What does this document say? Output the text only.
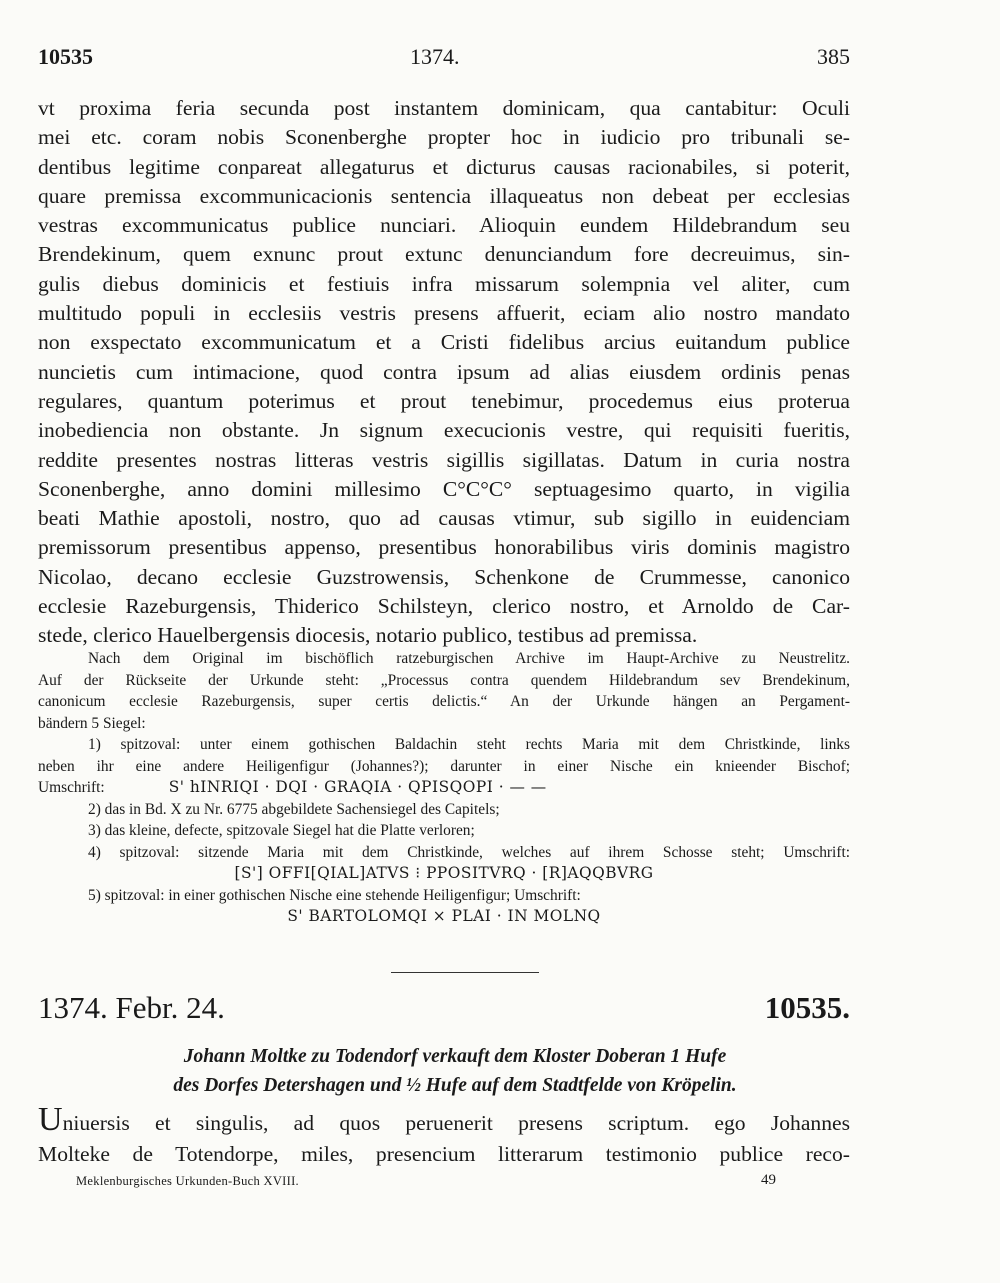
10535	1374.	385
vt proxima feria secunda post instantem dominicam, qua cantabitur: Oculi
mei etc. coram nobis Sconenberghe propter hoc in iudicio pro tribunali se-
dentibus legitime conpareat allegaturus et dicturus causas racionabiles, si poterit,
quare premissa excommunicacionis sentencia illaqueatus non debeat per ecclesias
vestras excommunicatus publice nunciari. Alioquin eundem Hildebrandum seu
Brendekinum, quem exnunc prout extunc denunciandum fore decreuimus, sin-
gulis diebus dominicis et festiuis infra missarum solempnia vel aliter, cum
multitudo populi in ecclesiis vestris presens affuerit, eciam alio nostro mandato
non exspectato excommunicatum et a Cristi fidelibus arcius euitandum publice
nuncietis cum intimacione, quod contra ipsum ad alias eiusdem ordinis penas
regulares, quantum poterimus et prout tenebimur, procedemus eius proterua
inobediencia non obstante. Jn signum execucionis vestre, qui requisiti fueritis,
reddite presentes nostras litteras vestris sigillis sigillatas. Datum in curia nostra
Sconenberghe, anno domini millesimo C°C°C° septuagesimo quarto, in vigilia
beati Mathie apostoli, nostro, quo ad causas vtimur, sub sigillo in euidenciam
premissorum presentibus appenso, presentibus honorabilibus viris dominis magistro
Nicolao, decano ecclesie Guzstrowensis, Schenkone de Crummesse, canonico
ecclesie Razeburgensis, Thiderico Schilsteyn, clerico nostro, et Arnoldo de Car-
stede, clerico Hauelbergensis diocesis, notario publico, testibus ad premissa.
Nach dem Original im bischöflich ratzeburgischen Archive im Haupt-Archive zu Neustrelitz.
Auf der Rückseite der Urkunde steht: „Processus contra quendem Hildebrandum sev Brendekinum,
canonicum ecclesie Razeburgensis, super certis delictis.“ An der Urkunde hängen an Pergament-
bändern 5 Siegel:
1) spitzoval: unter einem gothischen Baldachin steht rechts Maria mit dem Christkinde, links
neben ihr eine andere Heiligenfigur (Johannes?); darunter in einer Nische ein knieender Bischof;
Umschrift:	S' hINRIQI · DQI · GRAQIA · QPISQOPI · — —
2) das in Bd. X zu Nr. 6775 abgebildete Sachensiegel des Capitels;
3) das kleine, defecte, spitzovale Siegel hat die Platte verloren;
4) spitzoval: sitzende Maria mit dem Christkinde, welches auf ihrem Schosse steht; Umschrift:
[S'] OFFI[QIAL]ATVS ⁝ PPOSITVRQ · [R]AQQBVRG
5) spitzoval: in einer gothischen Nische eine stehende Heiligenfigur; Umschrift:
S' BARTOLOMQI × PLAI · IN MOLNQ
1374. Febr. 24.	10535.
Johann Moltke zu Todendorf verkauft dem Kloster Doberan 1 Hufe
des Dorfes Detershagen und ½ Hufe auf dem Stadtfelde von Kröpelin.
Uniuersis et singulis, ad quos peruenerit presens scriptum. ego Johannes
Molteke de Totendorpe, miles, presencium litterarum testimonio publice reco-
Meklenburgisches Urkunden-Buch XVIII.	49
